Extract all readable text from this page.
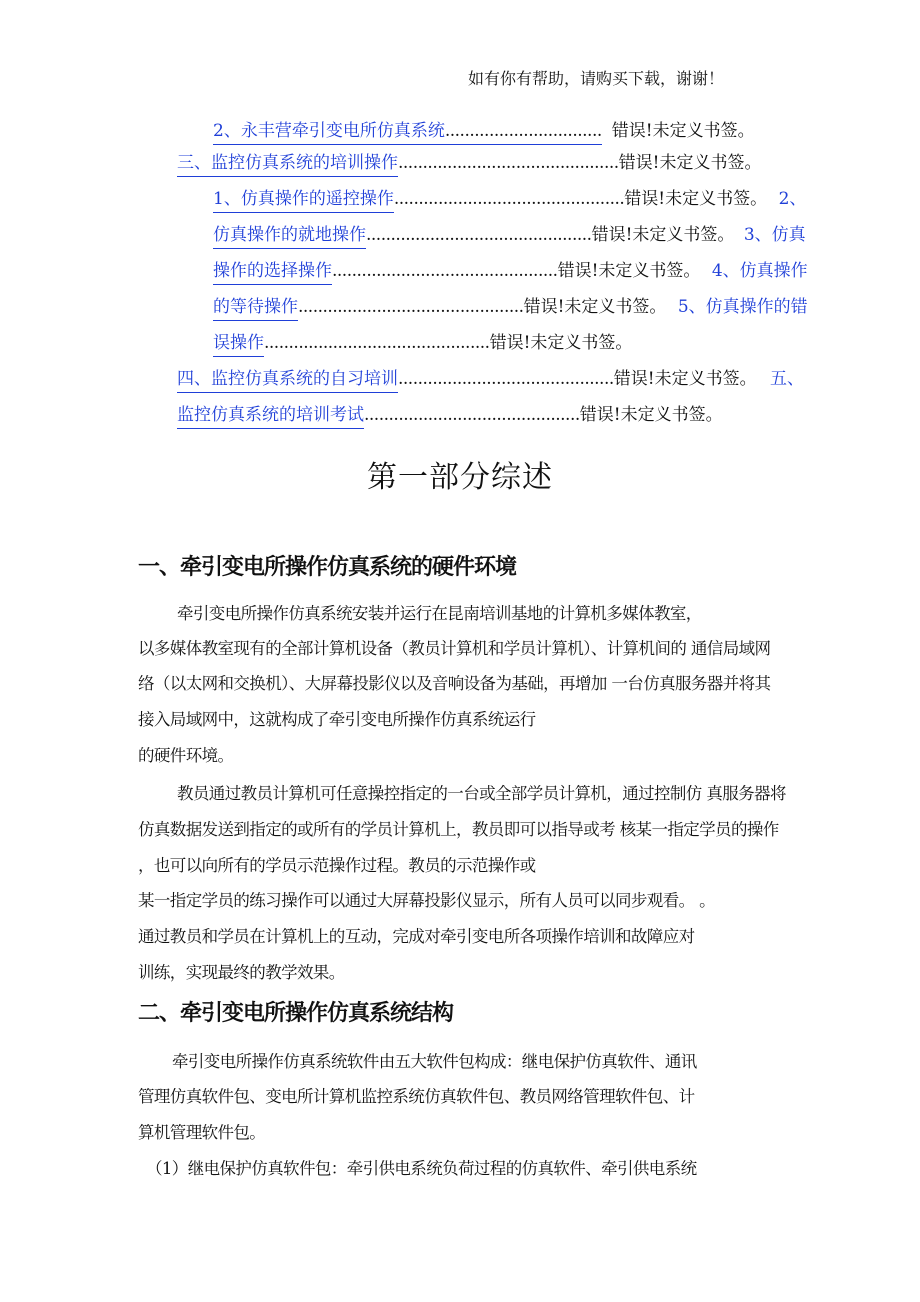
如有你有帮助，请购买下载，谢谢！
2、永丰营牵引变电所仿真系统................................ 错误!未定义书签。
三、监控仿真系统的培训操作.............................................错误!未定义书签。
1、仿真操作的遥控操作...............................................错误!未定义书签。 2、
仿真操作的就地操作..............................................错误!未定义书签。 3、仿真
操作的选择操作..............................................错误!未定义书签。 4、仿真操作
的等待操作..............................................错误!未定义书签。 5、仿真操作的错
误操作..............................................错误!未定义书签。
四、监控仿真系统的自习培训............................................错误!未定义书签。 五、
监控仿真系统的培训考试............................................错误!未定义书签。
第一部分综述
一、牵引变电所操作仿真系统的硬件环境
牵引变电所操作仿真系统安装并运行在昆南培训基地的计算机多媒体教室，
以多媒体教室现有的全部计算机设备（教员计算机和学员计算机）、计算机间的 通信局域网
络（以太网和交换机）、大屏幕投影仪以及音响设备为基础，再增加 一台仿真服务器并将其
接入局域网中，这就构成了牵引变电所操作仿真系统运行
的硬件环境。
教员通过教员计算机可任意操控指定的一台或全部学员计算机，通过控制仿 真服务器将
仿真数据发送到指定的或所有的学员计算机上，教员即可以指导或考 核某一指定学员的操作
，也可以向所有的学员示范操作过程。教员的示范操作或
某一指定学员的练习操作可以通过大屏幕投影仪显示，所有人员可以同步观看。 。
通过教员和学员在计算机上的互动，完成对牵引变电所各项操作培训和故障应对
训练，实现最终的教学效果。
二、牵引变电所操作仿真系统结构
牵引变电所操作仿真系统软件由五大软件包构成：继电保护仿真软件、通讯
管理仿真软件包、变电所计算机监控系统仿真软件包、教员网络管理软件包、计
算机管理软件包。
（1）继电保护仿真软件包：牵引供电系统负荷过程的仿真软件、牵引供电系统
